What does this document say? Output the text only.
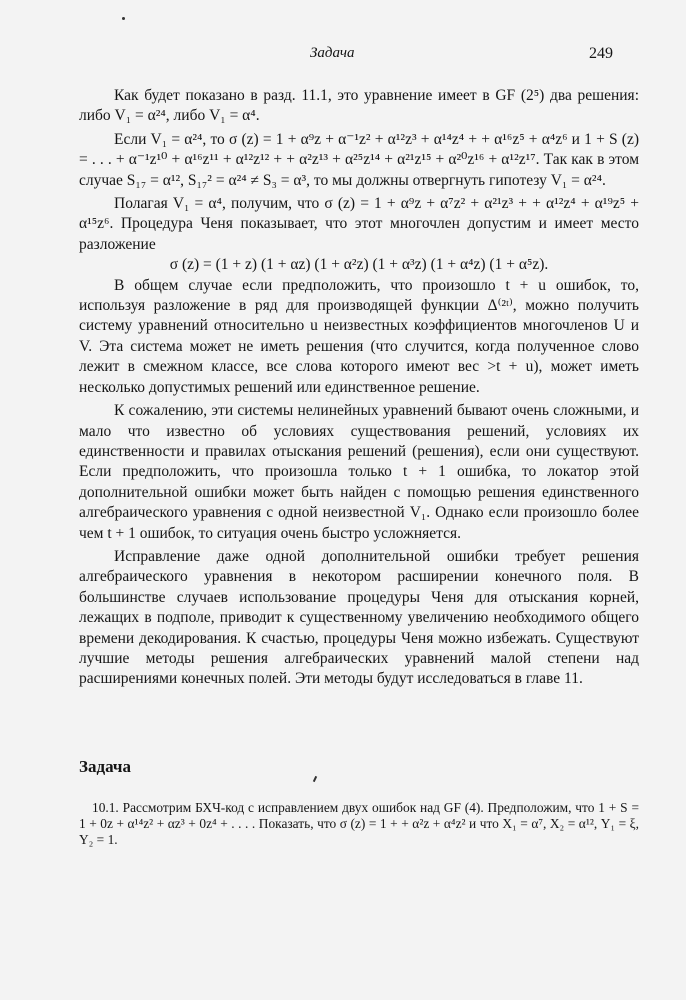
Задача	249

Как будет показано в разд. 11.1, это уравнение имеет в GF (2⁵) два решения: либо V₁ = α²⁴, либо V₁ = α⁴.

Если V₁ = α²⁴, то σ (z) = 1 + α⁹z + α⁻¹z² + α¹²z³ + α¹⁴z⁴ + + α¹⁶z⁵ + α⁴z⁶ и 1 + S (z) = . . . + α⁻¹z¹⁰ + α¹⁶z¹¹ + α¹²z¹² + + α²z¹³ + α²⁵z¹⁴ + α²¹z¹⁵ + α²⁰z¹⁶ + α¹²z¹⁷. Так как в этом случае S₁₇ = α¹², S₁₇² = α²⁴ ≠ S₃ = α³, то мы должны отвергнуть гипотезу V₁ = α²⁴.

Полагая V₁ = α⁴, получим, что σ (z) = 1 + α⁹z + α⁷z² + α²¹z³ + + α¹²z⁴ + α¹⁹z⁵ + α¹⁵z⁶. Процедура Ченя показывает, что этот многочлен допустим и имеет место разложение

σ (z) = (1 + z) (1 + αz) (1 + α²z) (1 + α³z) (1 + α⁴z) (1 + α⁵z).

В общем случае если предположить, что произошло t + u ошибок, то, используя разложение в ряд для производящей функции Δ⁽²ᵗ⁾, можно получить систему уравнений относительно u неизвестных коэффициентов многочленов U и V. Эта система может не иметь решения (что случится, когда полученное слово лежит в смежном классе, все слова которого имеют вес >t + u), может иметь несколько допустимых решений или единственное решение.

К сожалению, эти системы нелинейных уравнений бывают очень сложными, и мало что известно об условиях существования решений, условиях их единственности и правилах отыскания решений (решения), если они существуют. Если предположить, что произошла только t + 1 ошибка, то локатор этой дополнительной ошибки может быть найден с помощью решения единственного алгебраического уравнения с одной неизвестной V₁. Однако если произошло более чем t + 1 ошибок, то ситуация очень быстро усложняется.

Исправление даже одной дополнительной ошибки требует решения алгебраического уравнения в некотором расширении конечного поля. В большинстве случаев использование процедуры Ченя для отыскания корней, лежащих в подполе, приводит к существенному увеличению необходимого общего времени декодирования. К счастью, процедуры Ченя можно избежать. Существуют лучшие методы решения алгебраических уравнений малой степени над расширениями конечных полей. Эти методы будут исследоваться в главе 11.

Задача

10.1. Рассмотрим БХЧ-код с исправлением двух ошибок над GF (4). Предположим, что 1 + S = 1 + 0z + α¹⁴z² + αz³ + 0z⁴ + . . . . Показать, что σ (z) = 1 + + α²z + α⁴z² и что X₁ = α⁷, X₂ = α¹², Y₁ = ξ, Y₂ = 1.
